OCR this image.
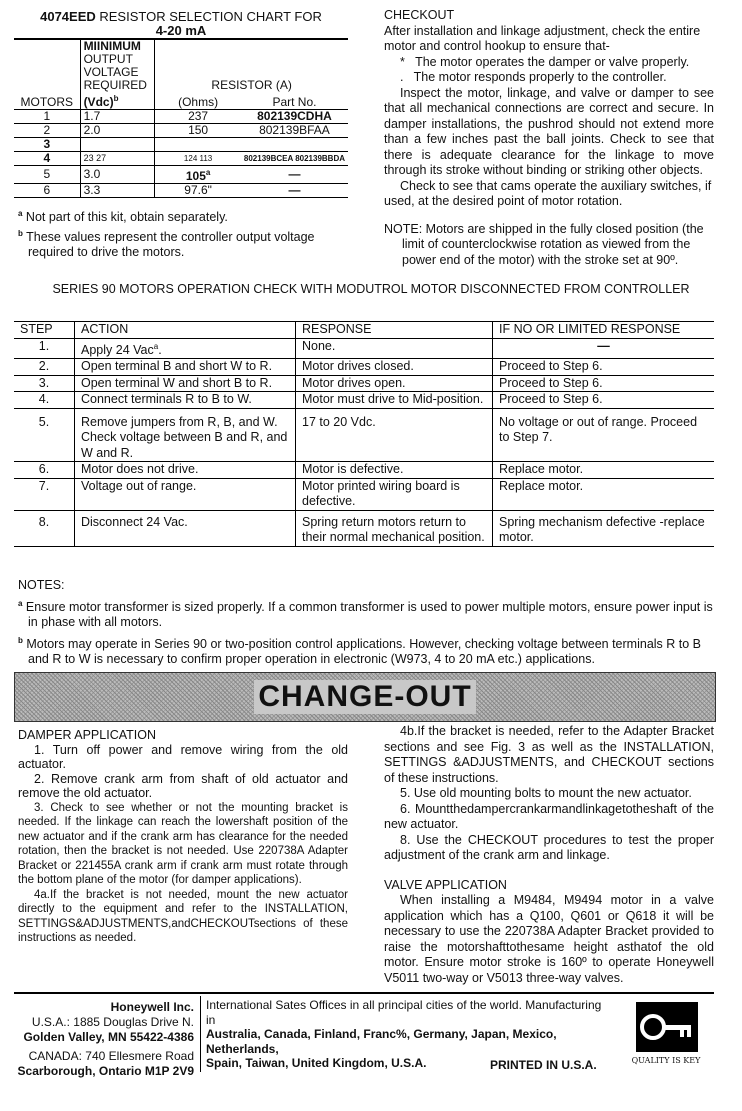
4074EED RESISTOR SELECTION CHART FOR
4-20 mA

	MIINIMUM
OUTPUT
VOLTAGE
REQUIRED	RESISTOR (A)	
MOTORS	(Vdc)$^b$	(Ohms)	Part No.
1	1.7	237	802139CDHA
2	2.0	150	802139BFAA
3			
4	23 27	124 113	802139BCEA 802139BBDA
5	3.0	105$^a$	—
6	3.3	97.6"	—
$^a$ Not part of this kit, obtain separately.
$^b$ These values represent the controller output voltage
required to drive the motors.

CHECKOUT

After installation and linkage adjustment, check the entire motor and control hookup to ensure that-

*   The motor operates the damper or valve properly.

.   The motor responds properly to the controller.

Inspect the motor, linkage, and valve or damper to see that all mechanical connections are correct and secure. In damper installations, the pushrod should not extend more than a few inches past the ball joints. Check to see that there is adequate clearance for the linkage to move through its stroke without binding or striking other objects.

Check to see that cams operate the auxiliary switches, if used, at the desired point of motor rotation.

NOTE: Motors are shipped in the fully closed position (the limit of counterclockwise rotation as viewed from the power end of the motor) with the stroke set at 90º.

SERIES 90 MOTORS OPERATION CHECK WITH MODUTROL MOTOR DISCONNECTED FROM CONTROLLER
STEP	ACTION	RESPONSE	IF NO OR LIMITED RESPONSE
1.	Apply 24 Vac$^a$.	None.	—
2.	Open terminal B and short W to R.	Motor drives closed.	Proceed to Step 6.
3.	Open terminal W and short B to R.	Motor drives open.	Proceed to Step 6.
4.	Connect terminals R to B to W.	Motor must drive to Mid-position.	Proceed to Step 6.
5.	Remove jumpers from R, B, and W. Check voltage between B and R, and W and R.	17 to 20 Vdc.	No voltage or out of range. Proceed to Step 7.
6.	Motor does not drive.	Motor is defective.	Replace motor.
7.	Voltage out of range.	Motor printed wiring board is defective.	Replace motor.
8.	Disconnect 24 Vac.	Spring return motors return to their normal mechanical position.	Spring mechanism defective -replace motor.

NOTES:

$^a$ Ensure motor transformer is sized properly. If a common transformer is used to power multiple motors, ensure power input is in phase with all motors.

$^b$ Motors may operate in Series 90 or two-position control applications. However, checking voltage between terminals R to B and R to W is necessary to confirm proper operation in electronic (W973, 4 to 20 mA etc.) applications.

CHANGE-OUT

DAMPER APPLICATION

1. Turn off power and remove wiring from the old actuator.

2. Remove crank arm from shaft of old actuator and remove the old actuator.

3. Check to see whether or not the mounting bracket is needed. If the linkage can reach the lowershaft position of the new actuator and if the crank arm has clearance for the needed rotation, then the bracket is not needed. Use 220738A Adapter Bracket or 221455A crank arm if crank arm must rotate through the bottom plane of the motor (for damper applications).

4a.If the bracket is not needed, mount the new actuator directly to the equipment and refer to the INSTALLATION, SETTINGS&ADJUSTMENTS,andCHECKOUTsections of these instructions as needed.

4b.If the bracket is needed, refer to the Adapter Bracket sections and see Fig. 3 as well as the INSTALLATION, SETTINGS &ADJUSTMENTS, and CHECKOUT sections of these instructions.

5. Use old mounting bolts to mount the new actuator.

6. Mountthedampercrankarmandlinkagetotheshaft of the new actuator.

8. Use the CHECKOUT procedures to test the proper adjustment of the crank arm and linkage.

VALVE APPLICATION

When installing a M9484, M9494 motor in a valve application which has a Q100, Q601 or Q618 it will be necessary to use the 220738A Adapter Bracket provided to raise the motorshafttothesame height asthatof the old motor. Ensure motor stroke is 160º to operate Honeywell V5011 two-way or V5013 three-way valves.

Honeywell Inc.
U.S.A.: 1885 Douglas Drive N.
Golden Valley, MN 55422-4386
CANADA: 740 Ellesmere Road
Scarborough, Ontario M1P 2V9
International Sates Offices in all principal cities of the world. Manufacturing in
Australia, Canada, Finland, Franc%, Germany, Japan, Mexico, Netherlands,
Spain, Taiwan, United Kingdom, U.S.A.	PRINTED IN U.S.A.	QUALITY IS KEY
